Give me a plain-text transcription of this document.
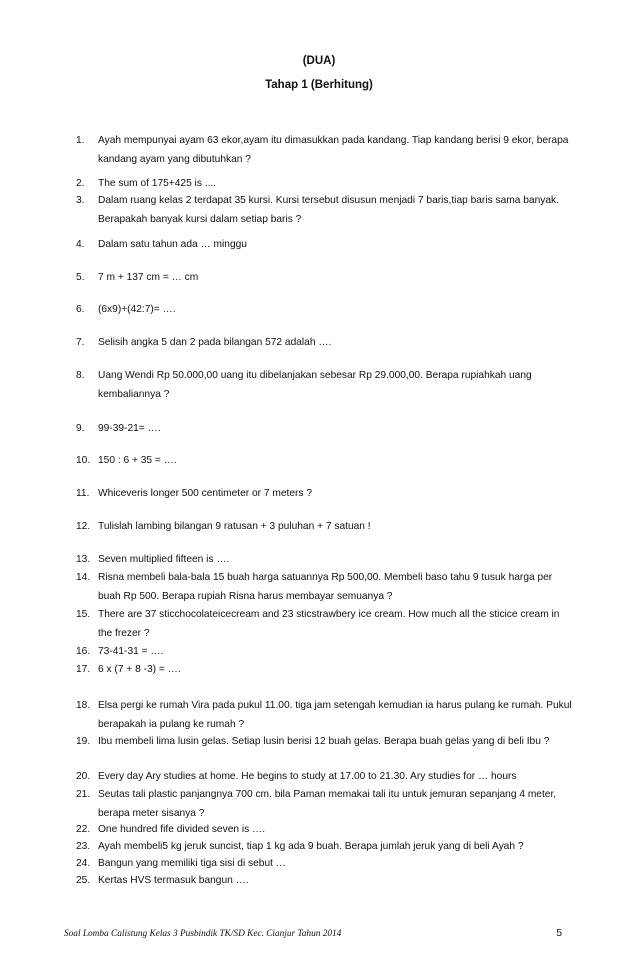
(DUA)
Tahap 1 (Berhitung)
1. Ayah mempunyai ayam 63 ekor,ayam itu dimasukkan pada kandang. Tiap kandang berisi 9 ekor, berapa kandang ayam yang dibutuhkan ?
2. The sum of 175+425 is ....
3. Dalam ruang kelas 2 terdapat 35 kursi. Kursi tersebut disusun menjadi 7 baris,tiap baris sama banyak. Berapakah banyak kursi dalam setiap baris ?
4. Dalam satu tahun ada … minggu
5. 7 m + 137 cm = … cm
6. (6x9)+(42:7)= ….
7. Selisih angka 5 dan 2 pada bilangan 572 adalah ….
8. Uang Wendi Rp 50.000,00 uang itu dibelanjakan sebesar Rp 29.000,00. Berapa rupiahkah uang kembaliannya ?
9. 99-39-21= ….
10. 150 : 6 + 35 = ….
11. Whiceveris longer 500 centimeter or 7 meters ?
12. Tulislah lambing bilangan 9 ratusan + 3 puluhan + 7 satuan !
13. Seven multiplied fifteen is ….
14. Risna membeli bala-bala 15 buah harga satuannya Rp 500,00. Membeli baso tahu 9 tusuk harga per buah Rp 500. Berapa rupiah Risna harus membayar semuanya ?
15. There are 37 sticchocolateicecream and 23 sticstrawbery ice cream. How much all the sticice cream in the frezer ?
16. 73-41-31 = ….
17. 6 x (7 + 8 -3) = ….
18. Elsa pergi ke rumah Vira pada pukul 11.00. tiga jam setengah kemudian ia harus pulang ke rumah. Pukul berapakah ia pulang ke rumah ?
19. Ibu membeli lima lusin gelas. Setiap lusin berisi 12 buah gelas. Berapa buah gelas yang di beli Ibu ?
20. Every day Ary studies at home. He begins to study at 17.00 to 21.30. Ary studies for … hours
21. Seutas tali plastic panjangnya 700 cm. bila Paman memakai tali itu untuk jemuran sepanjang 4 meter, berapa meter sisanya ?
22. One hundred fife divided seven is ….
23. Ayah membeli5 kg jeruk suncist, tiap 1 kg ada 9 buah. Berapa jumlah jeruk yang di beli Ayah ?
24. Bangun yang memiliki tiga sisi di sebut …
25. Kertas HVS termasuk bangun ….
Soal Lomba Calistung Kelas 3 Pusbindik TK/SD Kec. Cianjur Tahun 2014	5
